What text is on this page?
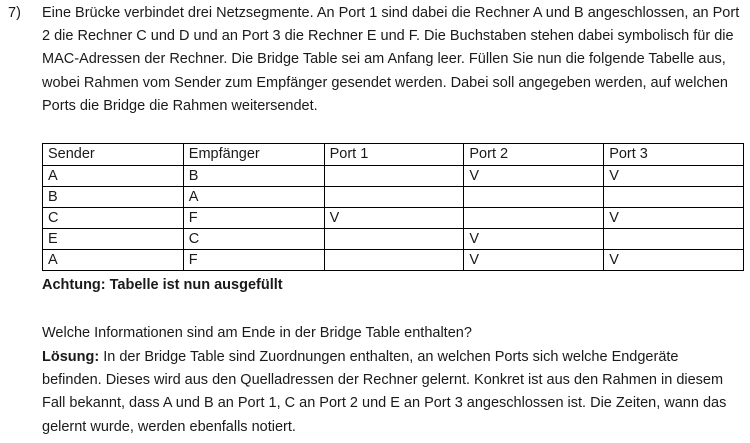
7) Eine Brücke verbindet drei Netzsegmente. An Port 1 sind dabei die Rechner A und B angeschlossen, an Port 2 die Rechner C und D und an Port 3 die Rechner E und F. Die Buchstaben stehen dabei symbolisch für die MAC-Adressen der Rechner. Die Bridge Table sei am Anfang leer. Füllen Sie nun die folgende Tabelle aus, wobei Rahmen vom Sender zum Empfänger gesendet werden. Dabei soll angegeben werden, auf welchen Ports die Bridge die Rahmen weitersendet.
Sender	Empfänger	Port 1	Port 2	Port 3
A	B		V	V
B	A			
C	F	V		V
E	C		V	
A	F		V	V
Achtung: Tabelle ist nun ausgefüllt
Welche Informationen sind am Ende in der Bridge Table enthalten?
Lösung: In der Bridge Table sind Zuordnungen enthalten, an welchen Ports sich welche Endgeräte befinden. Dieses wird aus den Quelladressen der Rechner gelernt. Konkret ist aus den Rahmen in diesem Fall bekannt, dass A und B an Port 1, C an Port 2 und E an Port 3 angeschlossen ist. Die Zeiten, wann das gelernt wurde, werden ebenfalls notiert.
